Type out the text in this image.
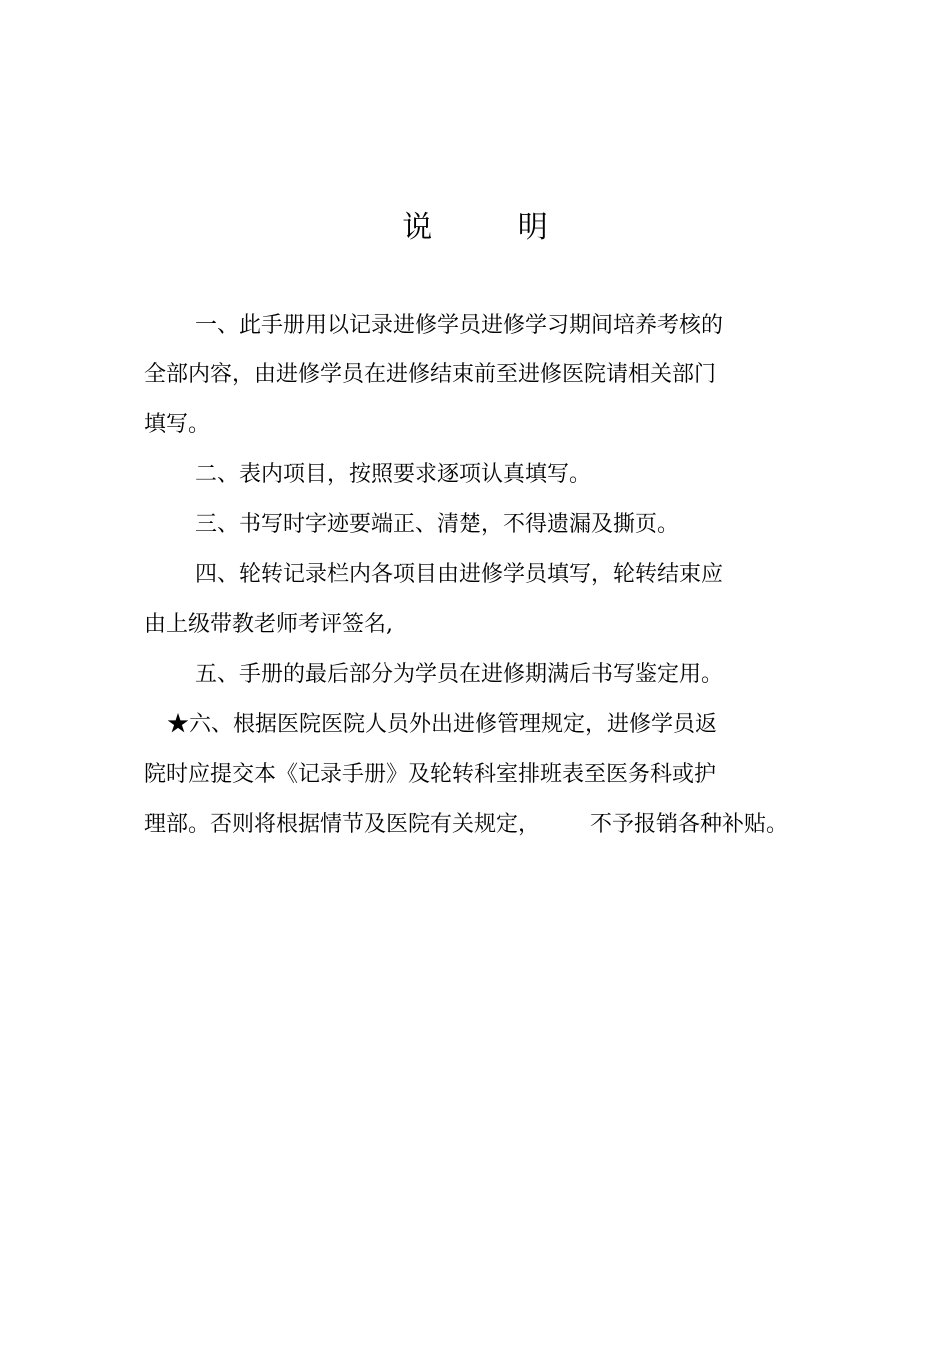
说 明
一、此手册用以记录进修学员进修学习期间培养考核的
全部内容，由进修学员在进修结束前至进修医院请相关部门
填写。
二、表内项目，按照要求逐项认真填写。
三、书写时字迹要端正、清楚，不得遗漏及撕页。
四、轮转记录栏内各项目由进修学员填写，轮转结束应
由上级带教老师考评签名,
五、手册的最后部分为学员在进修期满后书写鉴定用。
★六、根据医院医院人员外出进修管理规定，进修学员返
院时应提交本《记录手册》及轮转科室排班表至医务科或护
理部。否则将根据情节及医院有关规定， 不予报销各种补贴。
